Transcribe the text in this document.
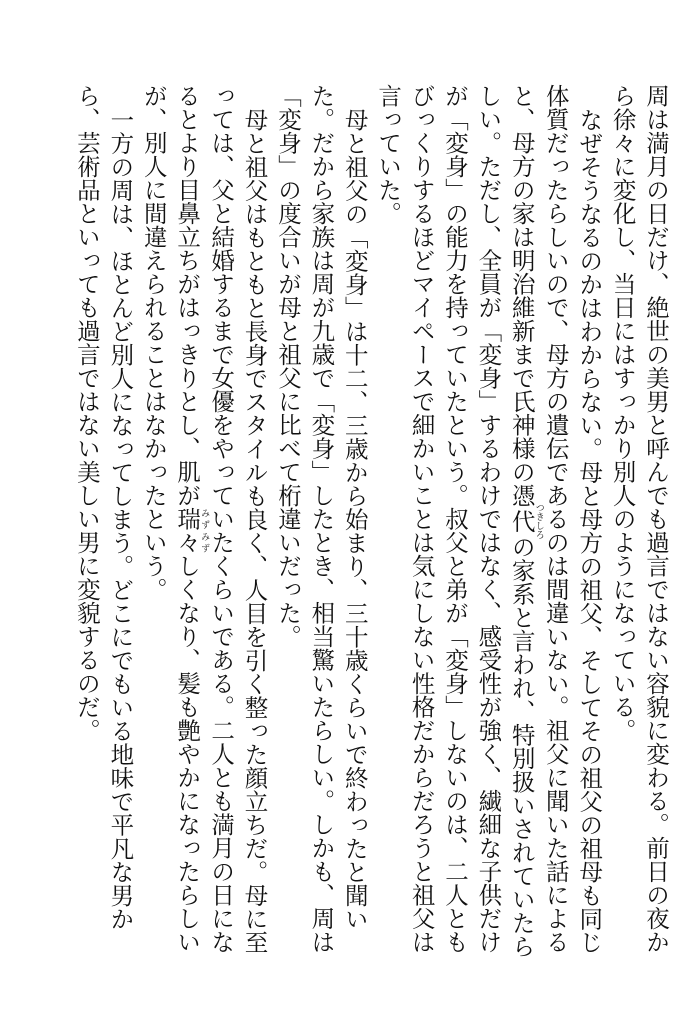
周は満月の日だけ、絶世の美男と呼んでも過言ではない容貌に変わる。前日の夜から徐々に変化し、当日にはすっかり別人のようになっている。

なぜそうなるのかはわからない。母と母方の祖父、そしてその祖父の祖母も同じ体質だったらしいので、母方の遺伝であるのは間違いない。祖父に聞いた話によると、母方の家は明治維新まで氏神様の憑代つきしろの家系と言われ、特別扱いされていたらしい。ただし、全員が「変身」するわけではなく、感受性が強く、繊細な子供だけが「変身」の能力を持っていたという。叔父と弟が「変身」しないのは、二人ともびっくりするほどマイペースで細かいことは気にしない性格だからだろうと祖父は言っていた。

母と祖父の「変身」は十二、三歳から始まり、三十歳くらいで終わったと聞いた。だから家族は周が九歳で「変身」したとき、相当驚いたらしい。しかも、周は「変身」の度合いが母と祖父に比べて桁違いだった。

母と祖父はもともと長身でスタイルも良く、人目を引く整った顔立ちだ。母に至っては、父と結婚するまで女優をやっていたくらいである。二人とも満月の日になるとより目鼻立ちがはっきりとし、肌が瑞々みずみずしくなり、髪も艶やかになったらしいが、別人に間違えられることはなかったという。

一方の周は、ほとんど別人になってしまう。どこにでもいる地味で平凡な男から、芸術品といっても過言ではない美しい男に変貌するのだ。
